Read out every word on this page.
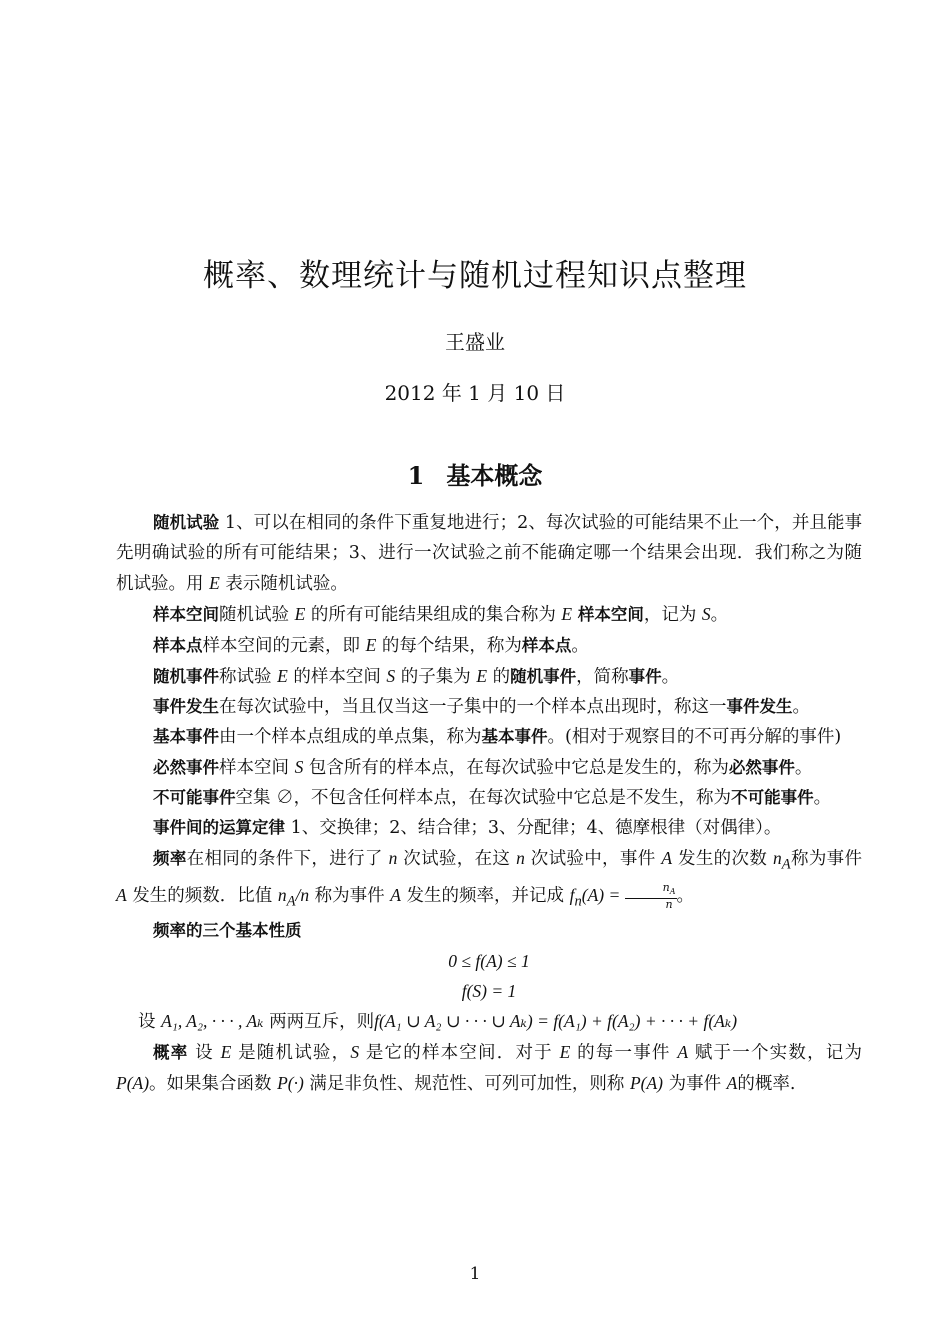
概率、数理统计与随机过程知识点整理
王盛业
2012 年 1 月 10 日
1 基本概念

随机试验 1、可以在相同的条件下重复地进行；2、每次试验的可能结果不止一个，并且能事先明确试验的所有可能结果；3、进行一次试验之前不能确定哪一个结果会出现．我们称之为随机试验。用 E 表示随机试验。

样本空间随机试验 E 的所有可能结果组成的集合称为 E 样本空间，记为 S。

样本点样本空间的元素，即 E 的每个结果，称为样本点。

随机事件称试验 E 的样本空间 S 的子集为 E 的随机事件，简称事件。

事件发生在每次试验中，当且仅当这一子集中的一个样本点出现时，称这一事件发生。

基本事件由一个样本点组成的单点集，称为基本事件。(相对于观察目的不可再分解的事件)

必然事件样本空间 S 包含所有的样本点，在每次试验中它总是发生的，称为必然事件。

不可能事件空集 ∅，不包含任何样本点，在每次试验中它总是不发生，称为不可能事件。

事件间的运算定律 1、交换律；2、结合律；3、分配律；4、德摩根律（对偶律）。

频率在相同的条件下，进行了 n 次试验，在这 n 次试验中，事件 A 发生的次数 $n_A$称为事件 A 发生的频数．比值 $n_A/n$ 称为事件 A 发生的频率，并记成 $f_n(A) = \frac{n_A}{n}$ 。

频率的三个基本性质

0 ≤ f(A) ≤ 1

f(S) = 1

设 A₁, A₂, · · · , Aₖ 两两互斥，则f(A₁ ∪ A₂ ∪ · · · ∪ Aₖ) = f(A₁) + f(A₂) + · · · + f(Aₖ)

概率 设 E 是随机试验，S 是它的样本空间．对于 E 的每一事件 A 赋于一个实数，记为 P(A)。如果集合函数 P(·) 满足非负性、规范性、可列可加性，则称 P(A) 为事件 A的概率.

1
